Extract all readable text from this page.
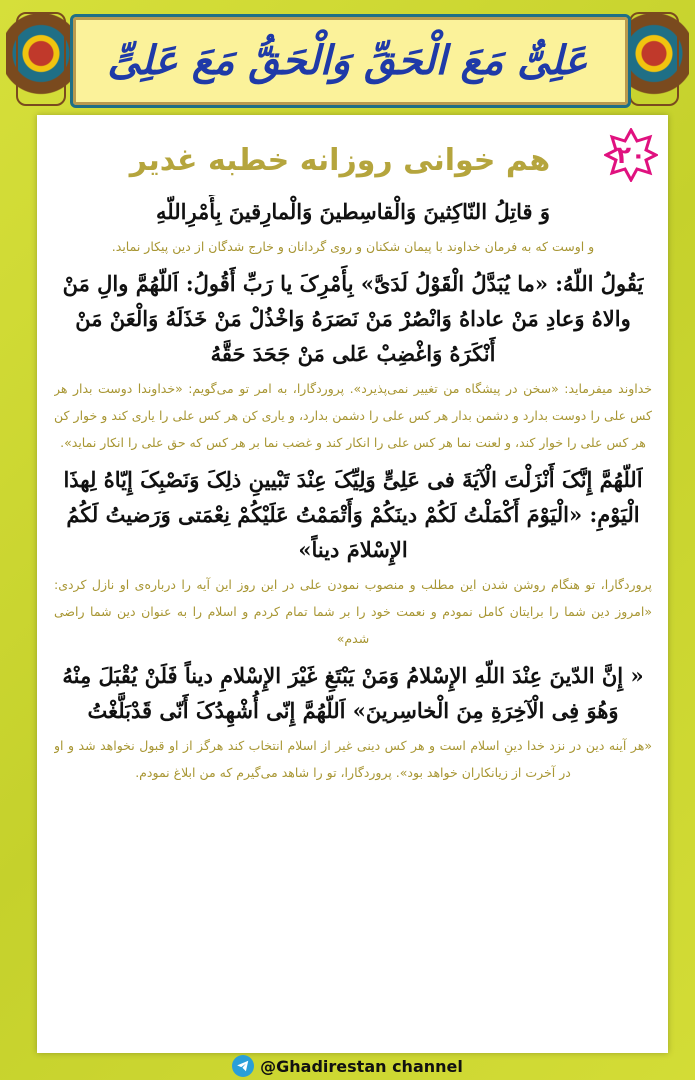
عَلِیٌّ مَعَ الْحَقِّ وَالْحَقُّ مَعَ عَلِیٍّ
۲۰
هم خوانی روزانه خطبه غدیر

وَ قاتِلُ النّاكِثینَ وَالْقاسِطینَ وَالْمارِقینَ بِأَمْرِاللّهِ

و اوست که به فرمان خداوند با پیمان شکنان و روی گردانان و خارج شدگان از دین پیکار نماید.

یَقُولُ اللّهُ: «ما یُبَدَّلُ الْقَوْلُ لَدَیَّ» بِأَمْرِکَ یا رَبِّ أَقُولُ: اَللّهُمَّ والِ مَنْ والاهُ وَعادِ مَنْ عاداهُ وَانْصُرْ مَنْ نَصَرَهُ وَاخْذُلْ مَنْ خَذَلَهُ وَالْعَنْ مَنْ أَنْكَرَهُ وَاغْضِبْ عَلی مَنْ جَحَدَ حَقَّهُ

خداوند میفرماید: «سخن در پیشگاه من تغییر نمی‌پذیرد». پروردگارا، به امر تو می‌گویم: «خداوندا دوست بدار هر کس علی را دوست بدارد و دشمن بدار هر کس علی را دشمن بدارد، و یاری کن هر کس علی را یاری کند و خوار کن هر کس علی را خوار کند، و لعنت نما هر کس علی را انکار کند و غضب نما بر هر کس که حق علی را انکار نماید».

اَللّهُمَّ إِنَّکَ أَنْزَلْتَ الْآیَةَ فی عَلِیٍّ وَلِیِّکَ عِنْدَ تَبْیینِ ذلِکَ وَنَصْبِکَ إِیّاهُ لِهذَا الْیَوْمِ: «الْیَوْمَ أَکْمَلْتُ لَکُمْ دینَکُمْ وَأَتْمَمْتُ عَلَیْکُمْ نِعْمَتی وَرَضیتُ لَکُمُ الإِسْلامَ دیناً»

پروردگارا، تو هنگام روشن شدن این مطلب و منصوب نمودن علی در این روز این آیه را درباره‌ی او نازل کردی: «امروز دین شما را برایتان کامل نمودم و نعمت خود را بر شما تمام کردم و اسلام را به عنوان دین شما راضی شدم»

« إِنَّ الدّینَ عِنْدَ اللّهِ الإِسْلامُ وَمَنْ یَبْتَغِ غَیْرَ الإِسْلامِ دیناً فَلَنْ یُقْبَلَ مِنْهُ وَهُوَ فِی الْآخِرَةِ مِنَ الْخاسِرینَ» اَللّهُمَّ إِنّی أُشْهِدُکَ أَنّی قَدْبَلَّغْتُ

«هر آینه دین در نزد خدا دینِ اسلام است و هر کس دینی غیر از اسلام انتخاب کند هرگز از او قبول نخواهد شد و او در آخرت از زیانکاران خواهد بود». پروردگارا، تو را شاهد می‌گیرم که من ابلاغ نمودم.

@Ghadirestan channel
